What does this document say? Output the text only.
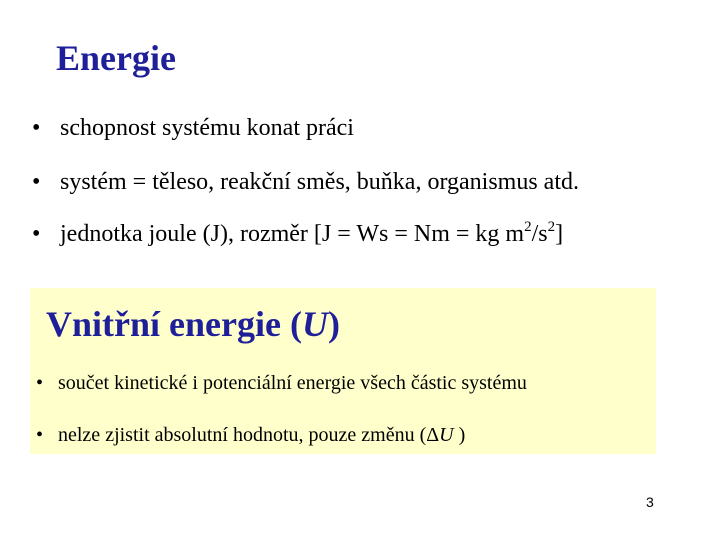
Energie
• schopnost systému konat práci
• systém = těleso, reakční směs, buňka, organismus atd.
• jednotka joule (J), rozměr [J = Ws = Nm = kg $m^2/s^2$]
Vnitřní energie (U)
• součet kinetické i potenciální energie všech částic systému
• nelze zjistit absolutní hodnotu, pouze změnu (ΔU )
3
